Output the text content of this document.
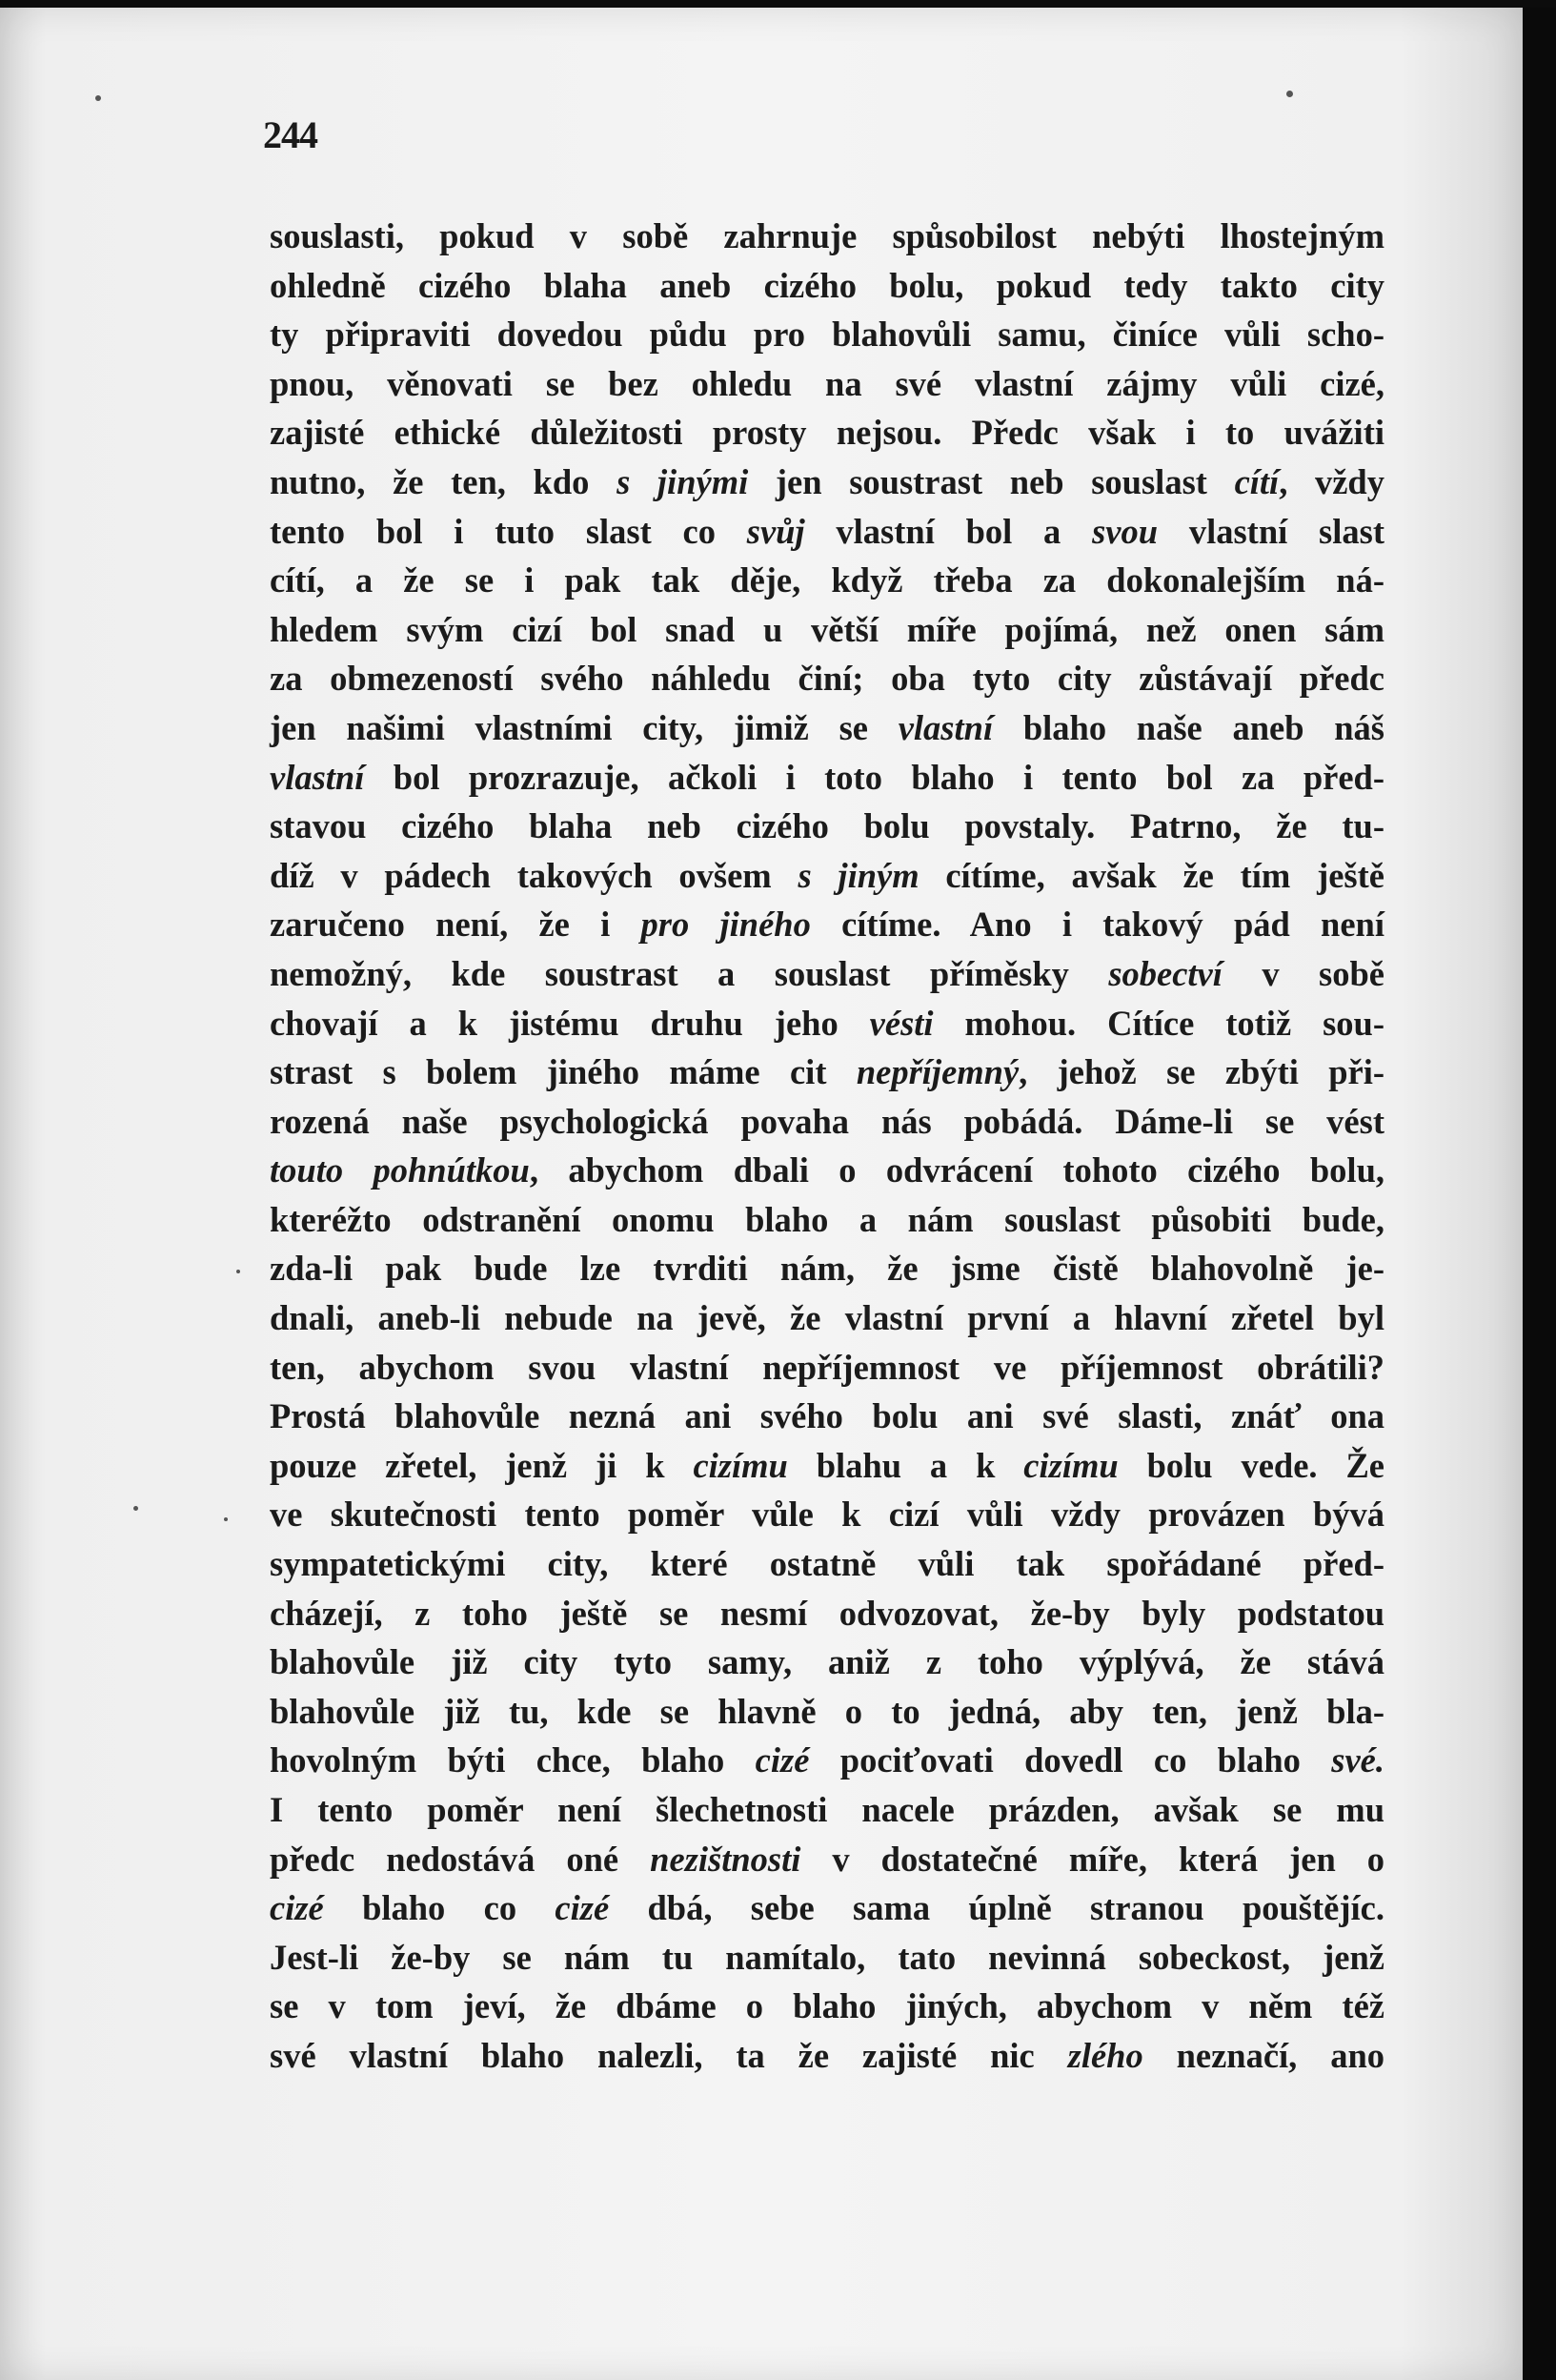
244
souslasti, pokud v sobě zahrnuje spůsobilost nebýti lhostejným
ohledně cizého blaha aneb cizého bolu, pokud tedy takto city
ty připraviti dovedou půdu pro blahovůli samu, činíce vůli scho-
pnou, věnovati se bez ohledu na své vlastní zájmy vůli cizé,
zajisté ethické důležitosti prosty nejsou. Předc však i to uvážiti
nutno, že ten, kdo s jinými jen soustrast neb souslast cítí, vždy
tento bol i tuto slast co svůj vlastní bol a svou vlastní slast
cítí, a že se i pak tak děje, když třeba za dokonalejším ná-
hledem svým cizí bol snad u větší míře pojímá, než onen sám
za obmezeností svého náhledu činí; oba tyto city zůstávají předc
jen našimi vlastními city, jimiž se vlastní blaho naše aneb náš
vlastní bol prozrazuje, ačkoli i toto blaho i tento bol za před-
stavou cizého blaha neb cizého bolu povstaly. Patrno, že tu-
díž v pádech takových ovšem s jiným cítíme, avšak že tím ještě
zaručeno není, že i pro jiného cítíme. Ano i takový pád není
nemožný, kde soustrast a souslast příměsky sobectví v sobě
chovají a k jistému druhu jeho vésti mohou. Cítíce totiž sou-
strast s bolem jiného máme cit nepříjemný, jehož se zbýti při-
rozená naše psychologická povaha nás pobádá. Dáme-li se vést
touto pohnútkou, abychom dbali o odvrácení tohoto cizého bolu,
kteréžto odstranění onomu blaho a nám souslast působiti bude,
zda-li pak bude lze tvrditi nám, že jsme čistě blahovolně je-
dnali, aneb-li nebude na jevě, že vlastní první a hlavní zřetel byl
ten, abychom svou vlastní nepříjemnost ve příjemnost obrátili?
Prostá blahovůle nezná ani svého bolu ani své slasti, znáť ona
pouze zřetel, jenž ji k cizímu blahu a k cizímu bolu vede. Že
ve skutečnosti tento poměr vůle k cizí vůli vždy provázen bývá
sympatetickými city, které ostatně vůli tak spořádané před-
cházejí, z toho ještě se nesmí odvozovat, že-by byly podstatou
blahovůle již city tyto samy, aniž z toho výplývá, že stává
blahovůle již tu, kde se hlavně o to jedná, aby ten, jenž bla-
hovolným býti chce, blaho cizé pociťovati dovedl co blaho své.
I tento poměr není šlechetnosti nacele prázden, avšak se mu
předc nedostává oné nezištnosti v dostatečné míře, která jen o
cizé blaho co cizé dbá, sebe sama úplně stranou pouštějíc.
Jest-li že-by se nám tu namítalo, tato nevinná sobeckost, jenž
se v tom jeví, že dbáme o blaho jiných, abychom v něm též
své vlastní blaho nalezli, ta že zajisté nic zlého neznačí, ano
